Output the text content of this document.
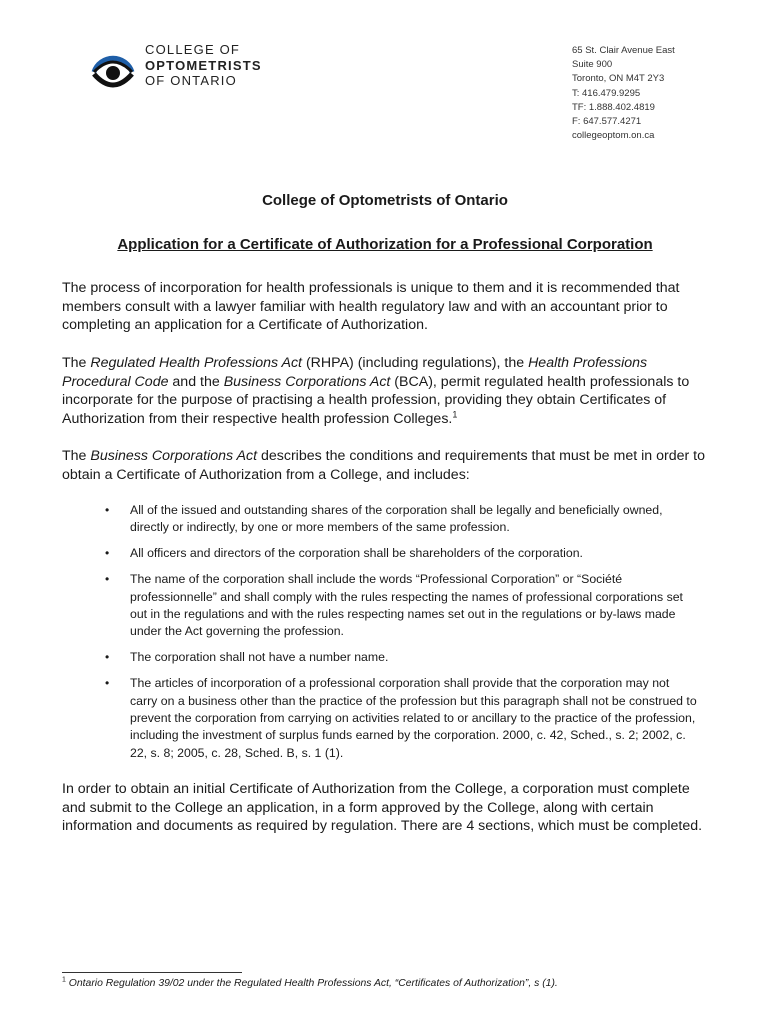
COLLEGE OF
OPTOMETRISTS
OF ONTARIO
65 St. Clair Avenue East
Suite 900
Toronto, ON M4T 2Y3
T: 416.479.9295
TF: 1.888.402.4819
F: 647.577.4271
collegeoptom.on.ca
College of Optometrists of Ontario
Application for a Certificate of Authorization for a Professional Corporation
The process of incorporation for health professionals is unique to them and it is recommended that members consult with a lawyer familiar with health regulatory law and with an accountant prior to completing an application for a Certificate of Authorization.
The Regulated Health Professions Act (RHPA) (including regulations), the Health Professions Procedural Code and the Business Corporations Act (BCA), permit regulated health professionals to incorporate for the purpose of practising a health profession, providing they obtain Certificates of Authorization from their respective health profession Colleges.$^1$
The Business Corporations Act describes the conditions and requirements that must be met in order to obtain a Certificate of Authorization from a College, and includes:
• All of the issued and outstanding shares of the corporation shall be legally and beneficially owned, directly or indirectly, by one or more members of the same profession.
• All officers and directors of the corporation shall be shareholders of the corporation.
• The name of the corporation shall include the words “Professional Corporation” or “Société professionnelle” and shall comply with the rules respecting the names of professional corporations set out in the regulations and with the rules respecting names set out in the regulations or by-laws made under the Act governing the profession.
• The corporation shall not have a number name.
• The articles of incorporation of a professional corporation shall provide that the corporation may not carry on a business other than the practice of the profession but this paragraph shall not be construed to prevent the corporation from carrying on activities related to or ancillary to the practice of the profession, including the investment of surplus funds earned by the corporation. 2000, c. 42, Sched., s. 2; 2002, c. 22, s. 8; 2005, c. 28, Sched. B, s. 1 (1).
In order to obtain an initial Certificate of Authorization from the College, a corporation must complete and submit to the College an application, in a form approved by the College, along with certain information and documents as required by regulation. There are 4 sections, which must be completed.
$^1$ Ontario Regulation 39/02 under the Regulated Health Professions Act, “Certificates of Authorization”, s (1).
